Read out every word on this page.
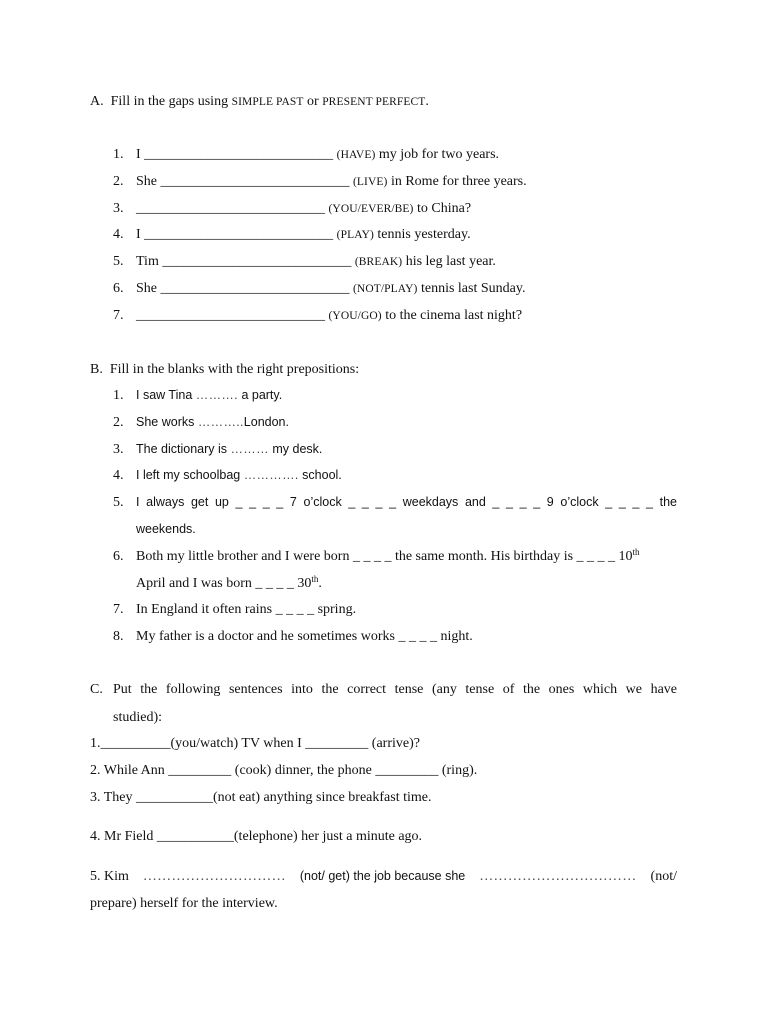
A. Fill in the gaps using SIMPLE PAST or PRESENT PERFECT.
1. I ___________________________ (HAVE) my job for two years.
2. She ___________________________ (LIVE) in Rome for three years.
3. ___________________________ (YOU/EVER/BE) to China?
4. I ___________________________ (PLAY) tennis yesterday.
5. Tim ___________________________ (BREAK) his leg last year.
6. She ___________________________ (NOT/PLAY) tennis last Sunday.
7. ___________________________ (YOU/GO) to the cinema last night?
B. Fill in the blanks with the right prepositions:
1. I saw Tina ………. a party.
2. She works ………..London.
3. The dictionary is ……… my desk.
4. I left my schoolbag …………. school.
5. I always get up _ _ _ _ 7 o’clock _ _ _ _ weekdays and _ _ _ _ 9 o’clock _ _ _ _ the
weekends.
6. Both my little brother and I were born _ _ _ _ the same month. His birthday is _ _ _ _ 10th
April and I was born _ _ _ _ 30th.
7. In England it often rains _ _ _ _ spring.
8. My father is a doctor and he sometimes works _ _ _ _ night.
C. Put the following sentences into the correct tense (any tense of the ones which we have
studied):
1.__________(you/watch) TV when I _________ (arrive)?
2. While Ann _________ (cook) dinner, the phone _________ (ring).
3. They ___________(not eat) anything since breakfast time.
4. Mr Field ___________(telephone) her just a minute ago.
5. Kim ………………………… (not/ get) the job because she …………………………… (not/
prepare) herself for the interview.
